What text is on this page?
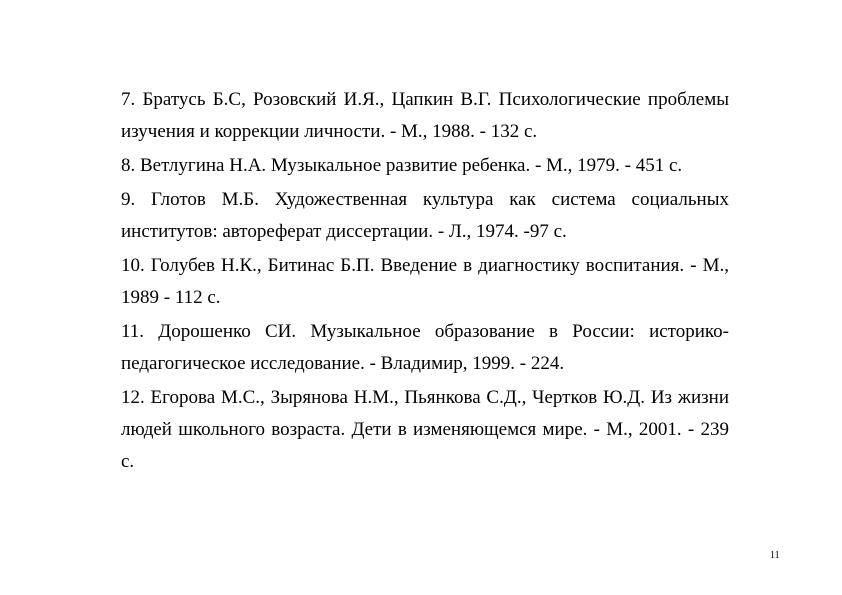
7. Братусь Б.С, Розовский И.Я., Цапкин В.Г. Психологические проблемы изучения и коррекции личности. - М., 1988. - 132 с.
8. Ветлугина Н.А. Музыкальное развитие ребенка. - М., 1979. - 451 с.
9. Глотов М.Б. Художественная культура как система социальных институтов: автореферат диссертации. - Л., 1974. -97 с.
10. Голубев Н.К., Битинас Б.П. Введение в диагностику воспитания. - М., 1989 - 112 с.
11. Дорошенко СИ. Музыкальное образование в России: историко-педагогическое исследование. - Владимир, 1999. - 224.
12. Егорова М.С., Зырянова Н.М., Пьянкова С.Д., Чертков Ю.Д. Из жизни людей школьного возраста. Дети в изменяющемся мире. - М., 2001. - 239 с.
11
